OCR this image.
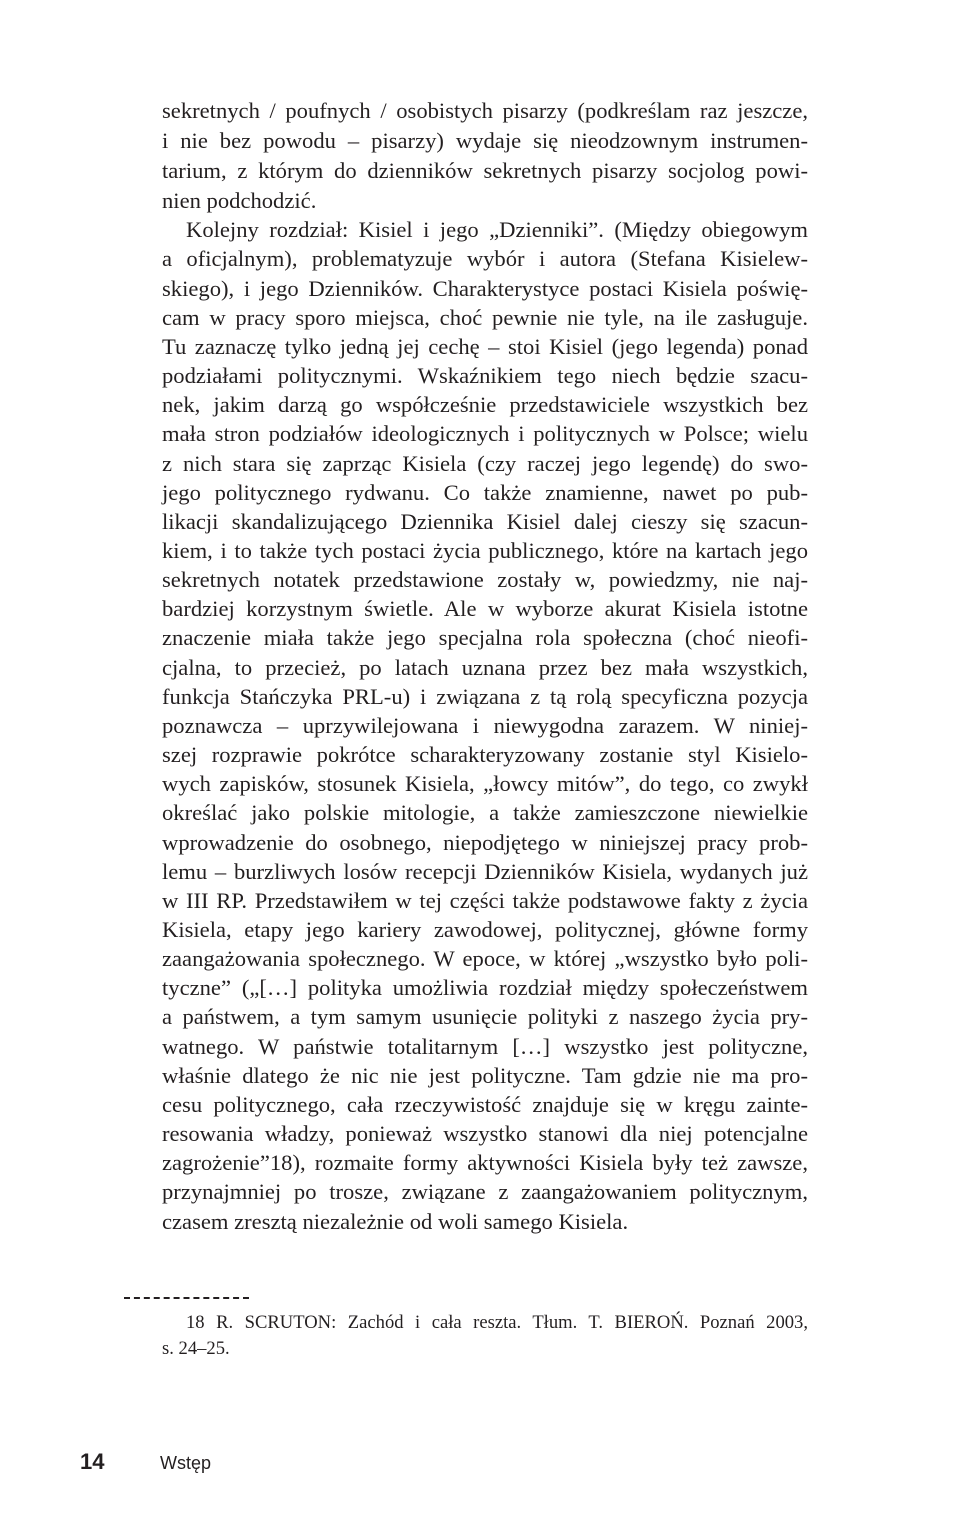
sekretnych / poufnych / osobistych pisarzy (podkreślam raz jeszcze,
i nie bez powodu – pisarzy) wydaje się nieodzownym instrumen-
tarium, z którym do dzienników sekretnych pisarzy socjolog powi-
nien podchodzić.
Kolejny rozdział: Kisiel i jego „Dzienniki”. (Między obiegowym
a oficjalnym), problematyzuje wybór i autora (Stefana Kisielew-
skiego), i jego Dzienników. Charakterystyce postaci Kisiela poświę-
cam w pracy sporo miejsca, choć pewnie nie tyle, na ile zasługuje.
Tu zaznaczę tylko jedną jej cechę – stoi Kisiel (jego legenda) ponad
podziałami politycznymi. Wskaźnikiem tego niech będzie szacu-
nek, jakim darzą go współcześnie przedstawiciele wszystkich bez
mała stron podziałów ideologicznych i politycznych w Polsce; wielu
z nich stara się zaprząc Kisiela (czy raczej jego legendę) do swo-
jego politycznego rydwanu. Co także znamienne, nawet po pub-
likacji skandalizującego Dziennika Kisiel dalej cieszy się szacun-
kiem, i to także tych postaci życia publicznego, które na kartach jego
sekretnych notatek przedstawione zostały w, powiedzmy, nie naj-
bardziej korzystnym świetle. Ale w wyborze akurat Kisiela istotne
znaczenie miała także jego specjalna rola społeczna (choć nieofi-
cjalna, to przecież, po latach uznana przez bez mała wszystkich,
funkcja Stańczyka PRL-u) i związana z tą rolą specyficzna pozycja
poznawcza – uprzywilejowana i niewygodna zarazem. W niniej-
szej rozprawie pokrótce scharakteryzowany zostanie styl Kisielo-
wych zapisków, stosunek Kisiela, „łowcy mitów”, do tego, co zwykł
określać jako polskie mitologie, a także zamieszczone niewielkie
wprowadzenie do osobnego, niepodjętego w niniejszej pracy prob-
lemu – burzliwych losów recepcji Dzienników Kisiela, wydanych już
w III RP. Przedstawiłem w tej części także podstawowe fakty z życia
Kisiela, etapy jego kariery zawodowej, politycznej, główne formy
zaangażowania społecznego. W epoce, w której „wszystko było poli-
tyczne” („[…] polityka umożliwia rozdział między społeczeństwem
a państwem, a tym samym usunięcie polityki z naszego życia pry-
watnego. W państwie totalitarnym […] wszystko jest polityczne,
właśnie dlatego że nic nie jest polityczne. Tam gdzie nie ma pro-
cesu politycznego, cała rzeczywistość znajduje się w kręgu zainte-
resowania władzy, ponieważ wszystko stanowi dla niej potencjalne
zagrożenie”18), rozmaite formy aktywności Kisiela były też zawsze,
przynajmniej po trosze, związane z zaangażowaniem politycznym,
czasem zresztą niezależnie od woli samego Kisiela.
18 R. SCRUTON: Zachód i cała reszta. Tłum. T. BIEROŃ. Poznań 2003,
s. 24–25.
14	Wstęp
